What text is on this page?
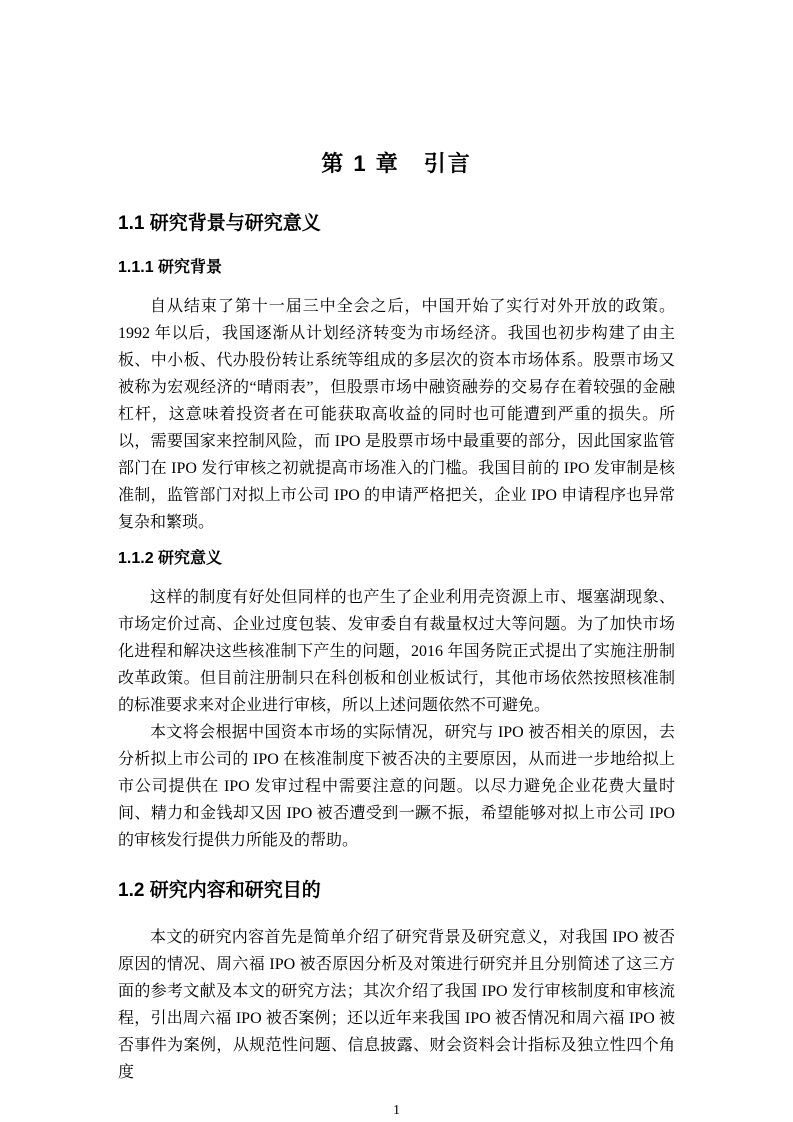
第 1 章　引言
1.1 研究背景与研究意义
1.1.1 研究背景

自从结束了第十一届三中全会之后，中国开始了实行对外开放的政策。1992 年以后，我国逐渐从计划经济转变为市场经济。我国也初步构建了由主板、中小板、代办股份转让系统等组成的多层次的资本市场体系。股票市场又被称为宏观经济的“晴雨表”，但股票市场中融资融券的交易存在着较强的金融杠杆，这意味着投资者在可能获取高收益的同时也可能遭到严重的损失。所以，需要国家来控制风险，而 IPO 是股票市场中最重要的部分，因此国家监管部门在 IPO 发行审核之初就提高市场准入的门槛。我国目前的 IPO 发审制是核准制，监管部门对拟上市公司 IPO 的申请严格把关，企业 IPO 申请程序也异常复杂和繁琐。

1.1.2 研究意义

这样的制度有好处但同样的也产生了企业利用壳资源上市、堰塞湖现象、市场定价过高、企业过度包装、发审委自有裁量权过大等问题。为了加快市场化进程和解决这些核准制下产生的问题，2016 年国务院正式提出了实施注册制改革政策。但目前注册制只在科创板和创业板试行，其他市场依然按照核准制的标准要求来对企业进行审核，所以上述问题依然不可避免。

本文将会根据中国资本市场的实际情况，研究与 IPO 被否相关的原因，去分析拟上市公司的 IPO 在核准制度下被否决的主要原因，从而进一步地给拟上市公司提供在 IPO 发审过程中需要注意的问题。以尽力避免企业花费大量时间、精力和金钱却又因 IPO 被否遭受到一蹶不振，希望能够对拟上市公司 IPO 的审核发行提供力所能及的帮助。

1.2 研究内容和研究目的

本文的研究内容首先是简单介绍了研究背景及研究意义，对我国 IPO 被否原因的情况、周六福 IPO 被否原因分析及对策进行研究并且分别简述了这三方面的参考文献及本文的研究方法；其次介绍了我国 IPO 发行审核制度和审核流程，引出周六福 IPO 被否案例；还以近年来我国 IPO 被否情况和周六福 IPO 被否事件为案例，从规范性问题、信息披露、财会资料会计指标及独立性四个角度

1
